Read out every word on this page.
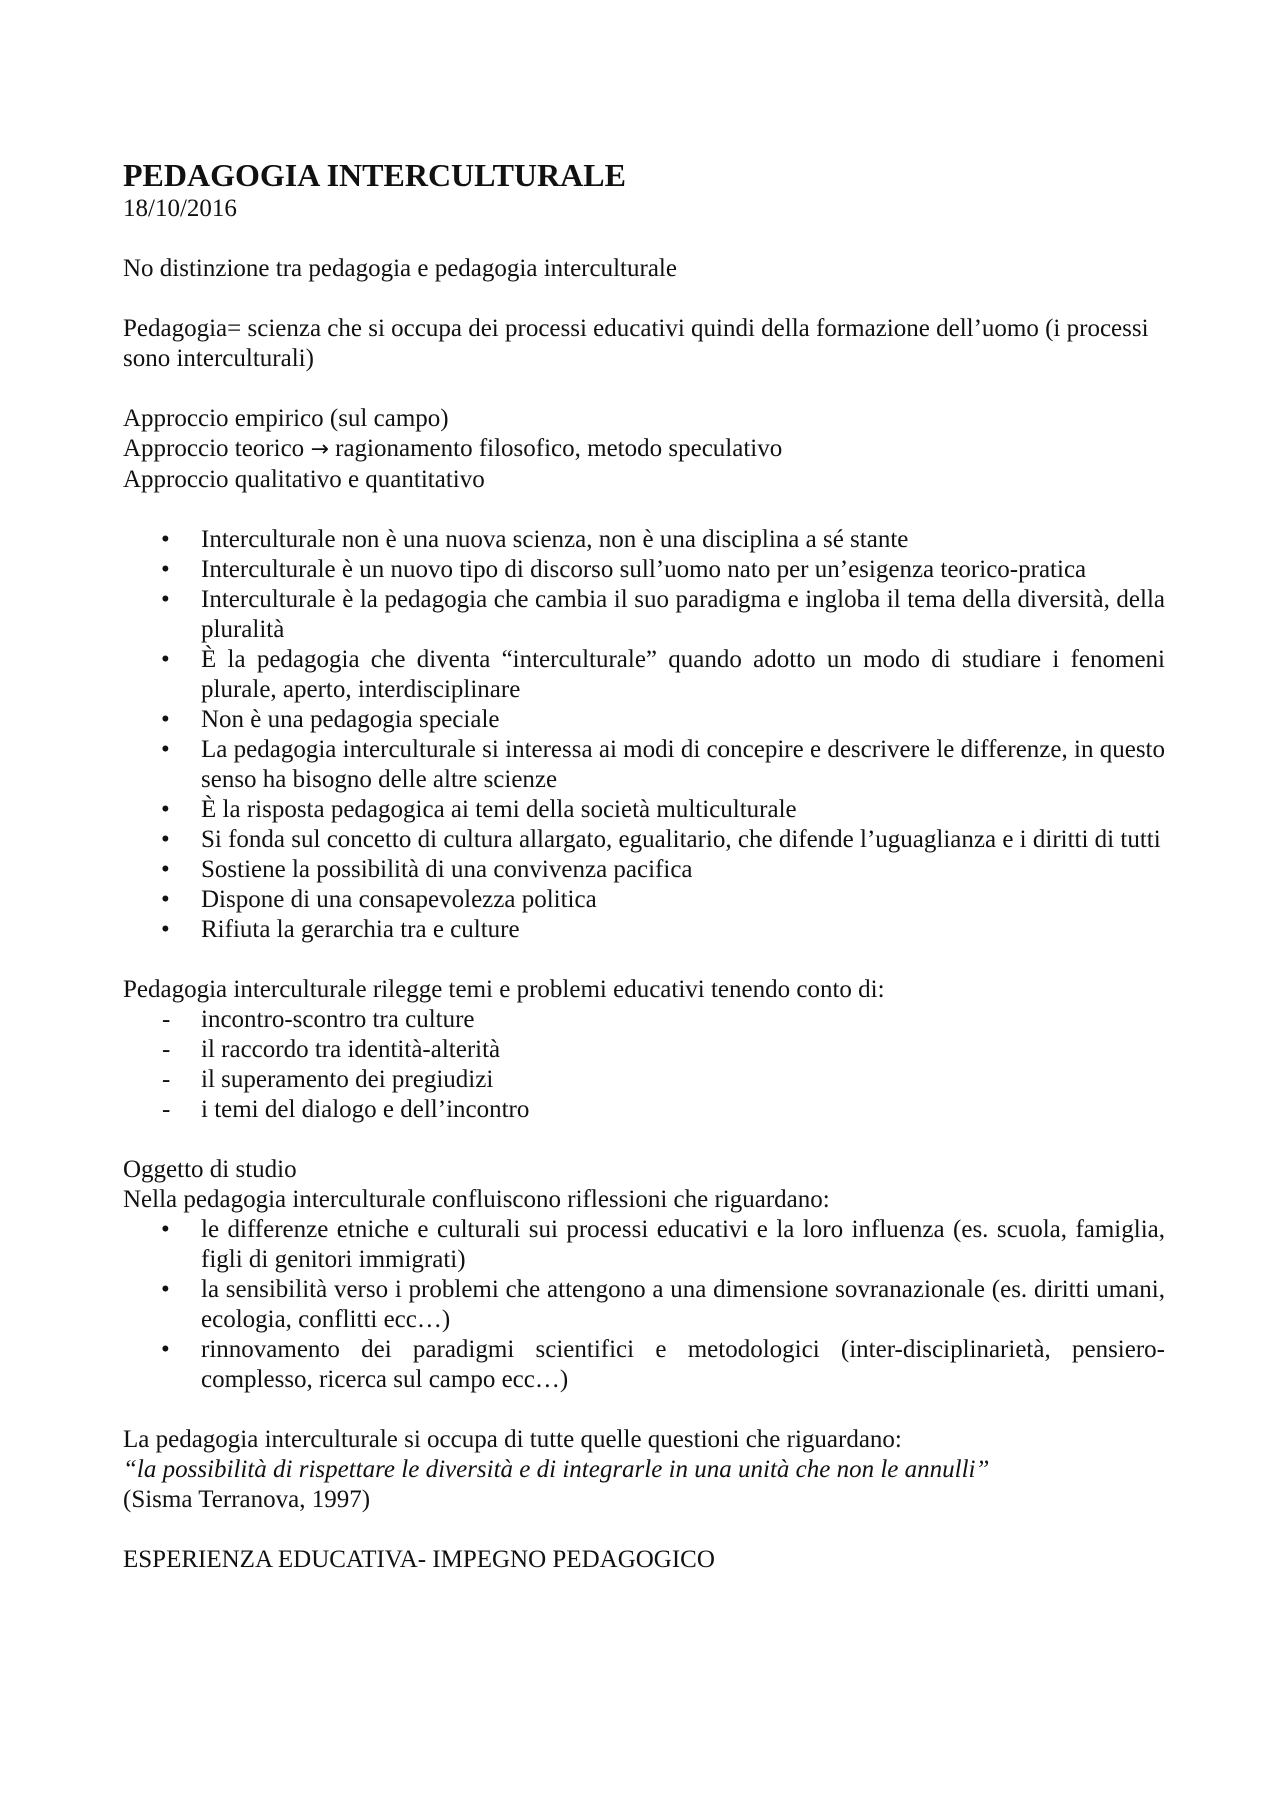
PEDAGOGIA INTERCULTURALE

18/10/2016

No distinzione tra pedagogia e pedagogia interculturale

Pedagogia= scienza che si occupa dei processi educativi quindi della formazione dell’uomo (i processi sono interculturali)

Approccio empirico (sul campo)

Approccio teorico → ragionamento filosofico, metodo speculativo

Approccio qualitativo e quantitativo

•	Interculturale non è una nuova scienza, non è una disciplina a sé stante
•	Interculturale è un nuovo tipo di discorso sull’uomo nato per un’esigenza teorico-pratica
•	Interculturale è la pedagogia che cambia il suo paradigma e ingloba il tema della diversità, della pluralità
•	È la pedagogia che diventa “interculturale” quando adotto un modo di studiare i fenomeni plurale, aperto, interdisciplinare
•	Non è una pedagogia speciale
•	La pedagogia interculturale si interessa ai modi di concepire e descrivere le differenze, in questo senso ha bisogno delle altre scienze
•	È la risposta pedagogica ai temi della società multiculturale
•	Si fonda sul concetto di cultura allargato, egualitario, che difende l’uguaglianza e i diritti di tutti
•	Sostiene la possibilità di una convivenza pacifica
•	Dispone di una consapevolezza politica
•	Rifiuta la gerarchia tra e culture

Pedagogia interculturale rilegge temi e problemi educativi tenendo conto di:

-	incontro-scontro tra culture
-	il raccordo tra identità-alterità
-	il superamento dei pregiudizi
-	i temi del dialogo e dell’incontro

Oggetto di studio

Nella pedagogia interculturale confluiscono riflessioni che riguardano:

•	le differenze etniche e culturali sui processi educativi e la loro influenza (es. scuola, famiglia, figli di genitori immigrati)
•	la sensibilità verso i problemi che attengono a una dimensione sovranazionale (es. diritti umani, ecologia, conflitti ecc…)
•	rinnovamento dei paradigmi scientifici e metodologici (inter-disciplinarietà, pensiero-complesso, ricerca sul campo ecc…)

La pedagogia interculturale si occupa di tutte quelle questioni che riguardano:

“la possibilità di rispettare le diversità e di integrarle in una unità che non le annulli”

(Sisma Terranova, 1997)

ESPERIENZA EDUCATIVA- IMPEGNO PEDAGOGICO
